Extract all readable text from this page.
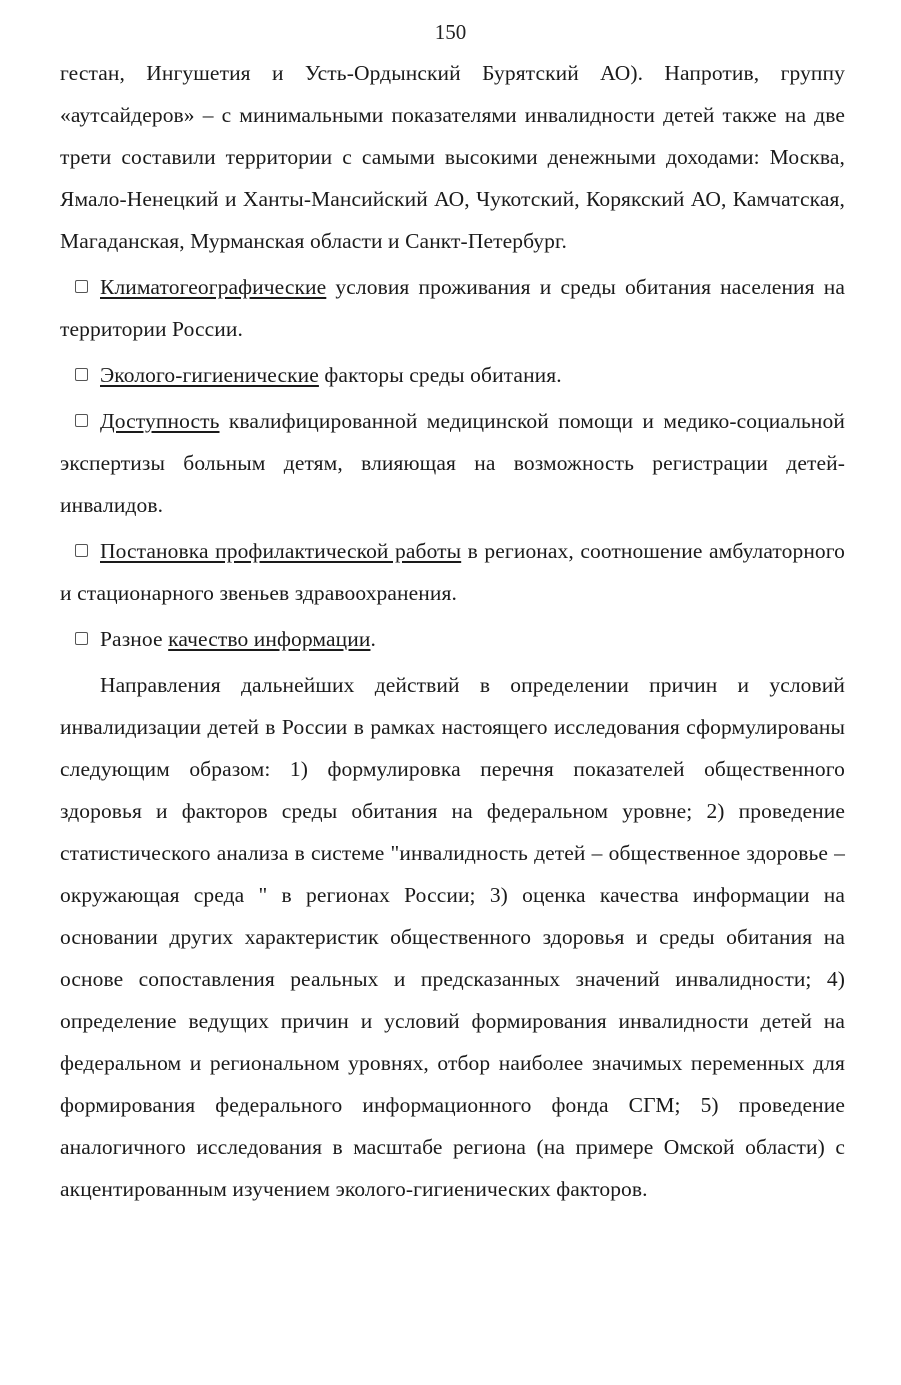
150

гестан, Ингушетия и Усть-Ордынский Бурятский АО). Напротив, группу «аутсайдеров» – с минимальными показателями инвалидности детей также на две трети составили территории с самыми высокими денежными доходами: Москва, Ямало-Ненецкий и Ханты-Мансийский АО, Чукотский, Корякский АО, Камчатская, Магаданская, Мурманская области и Санкт-Петербург.

Климатогеографические условия проживания и среды обитания населения на территории России.

Эколого-гигиенические факторы среды обитания.

Доступность квалифицированной медицинской помощи и медико-социальной экспертизы больным детям, влияющая на возможность регистрации детей-инвалидов.

Постановка профилактической работы в регионах, соотношение амбулаторного и стационарного звеньев здравоохранения.

Разное качество информации.

Направления дальнейших действий в определении причин и условий инвалидизации детей в России в рамках настоящего исследования сформулированы следующим образом: 1) формулировка перечня показателей общественного здоровья и факторов среды обитания на федеральном уровне; 2) проведение статистического анализа в системе "инвалидность детей – общественное здоровье – окружающая среда " в регионах России; 3) оценка качества информации на основании других характеристик общественного здоровья и среды обитания на основе сопоставления реальных и предсказанных значений инвалидности; 4) определение ведущих причин и условий формирования инвалидности детей на федеральном и региональном уровнях, отбор наиболее значимых переменных для формирования федерального информационного фонда СГМ; 5) проведение аналогичного исследования в масштабе региона (на примере Омской области) с акцентированным изучением эколого-гигиенических факторов.
